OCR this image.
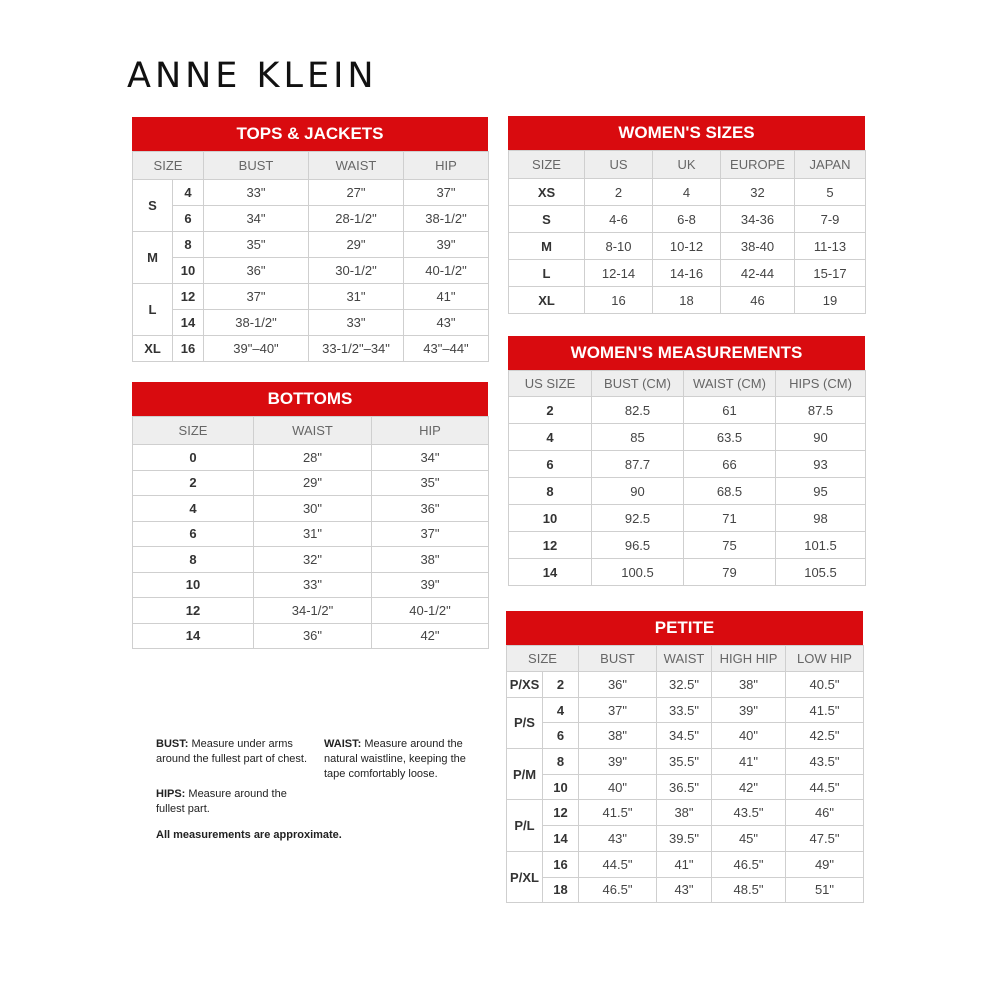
ANNE KLEIN
TOPS & JACKETS
SIZE		BUST	WAIST	HIP
S	4	33"	27"	37"
	6	34"	28-1/2"	38-1/2"
M	8	35"	29"	39"
	10	36"	30-1/2"	40-1/2"
L	12	37"	31"	41"
	14	38-1/2"	33"	43"
XL	16	39"–40"	33-1/2"–34"	43"–44"
BOTTOMS
SIZE	WAIST	HIP
0	28"	34"
2	29"	35"
4	30"	36"
6	31"	37"
8	32"	38"
10	33"	39"
12	34-1/2"	40-1/2"
14	36"	42"
WOMEN'S SIZES
SIZE	US	UK	EUROPE	JAPAN
XS	2	4	32	5
S	4-6	6-8	34-36	7-9
M	8-10	10-12	38-40	11-13
L	12-14	14-16	42-44	15-17
XL	16	18	46	19
WOMEN'S MEASUREMENTS
US SIZE	BUST (CM)	WAIST (CM)	HIPS (CM)
2	82.5	61	87.5
4	85	63.5	90
6	87.7	66	93
8	90	68.5	95
10	92.5	71	98
12	96.5	75	101.5
14	100.5	79	105.5
PETITE
SIZE		BUST	WAIST	HIGH HIP	LOW HIP
P/XS	2	36"	32.5"	38"	40.5"
P/S	4	37"	33.5"	39"	41.5"
	6	38"	34.5"	40"	42.5"
P/M	8	39"	35.5"	41"	43.5"
	10	40"	36.5"	42"	44.5"
P/L	12	41.5"	38"	43.5"	46"
	14	43"	39.5"	45"	47.5"
P/XL	16	44.5"	41"	46.5"	49"
	18	46.5"	43"	48.5"	51"
BUST: Measure under arms around the fullest part of chest.
WAIST: Measure around the natural waistline, keeping the tape comfortably loose.
HIPS: Measure around the fullest part.
All measurements are approximate.
